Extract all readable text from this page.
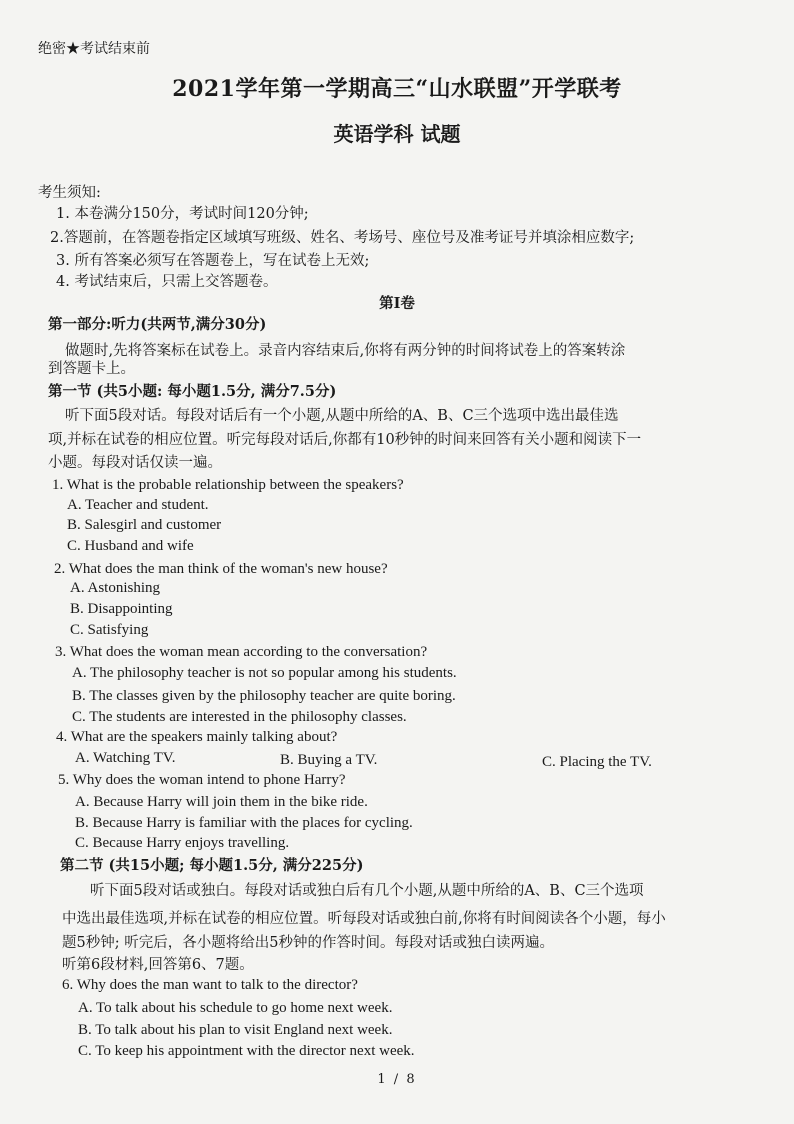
绝密★考试结束前
2021学年第一学期高三“山水联盟”开学联考
英语学科 试题
考生须知:
1. 本卷满分150分，考试时间120分钟;
2.答题前，在答题卷指定区域填写班级、姓名、考场号、座位号及准考证号并填涂相应数字;
3. 所有答案必须写在答题卷上，写在试卷上无效;
4. 考试结束后，只需上交答题卷。
第Ⅰ卷
第一部分:听力(共两节,满分30分)
做题时,先将答案标在试卷上。录音内容结束后,你将有两分钟的时间将试卷上的答案转涂
到答题卡上。
第一节 (共5小题: 每小题1.5分, 满分7.5分)
听下面5段对话。每段对话后有一个小题,从题中所给的A、B、C三个选项中选出最佳选
项,并标在试卷的相应位置。听完每段对话后,你都有10秒钟的时间来回答有关小题和阅读下一
小题。每段对话仅读一遍。
1. What is the probable relationship between the speakers?
A. Teacher and student.
B. Salesgirl and customer
C. Husband and wife
2. What does the man think of the woman's new house?
A. Astonishing
B. Disappointing
C. Satisfying
3. What does the woman mean according to the conversation?
A. The philosophy teacher is not so popular among his students.
B. The classes given by the philosophy teacher are quite boring.
C. The students are interested in the philosophy classes.
4. What are the speakers mainly talking about?
A. Watching TV.	B. Buying a TV.	C. Placing the TV.
5. Why does the woman intend to phone Harry?
A. Because Harry will join them in the bike ride.
B. Because Harry is familiar with the places for cycling.
C. Because Harry enjoys travelling.
第二节 (共15小题; 每小题1.5分, 满分225分)
听下面5段对话或独白。每段对话或独白后有几个小题,从题中所给的A、B、C三个选项
中选出最佳选项,并标在试卷的相应位置。听每段对话或独白前,你将有时间阅读各个小题，每小
题5秒钟; 听完后，各小题将给出5秒钟的作答时间。每段对话或独白读两遍。
听第6段材料,回答第6、7题。
6. Why does the man want to talk to the director?
A. To talk about his schedule to go home next week.
B. To talk about his plan to visit England next week.
C. To keep his appointment with the director next week.
1 / 8
